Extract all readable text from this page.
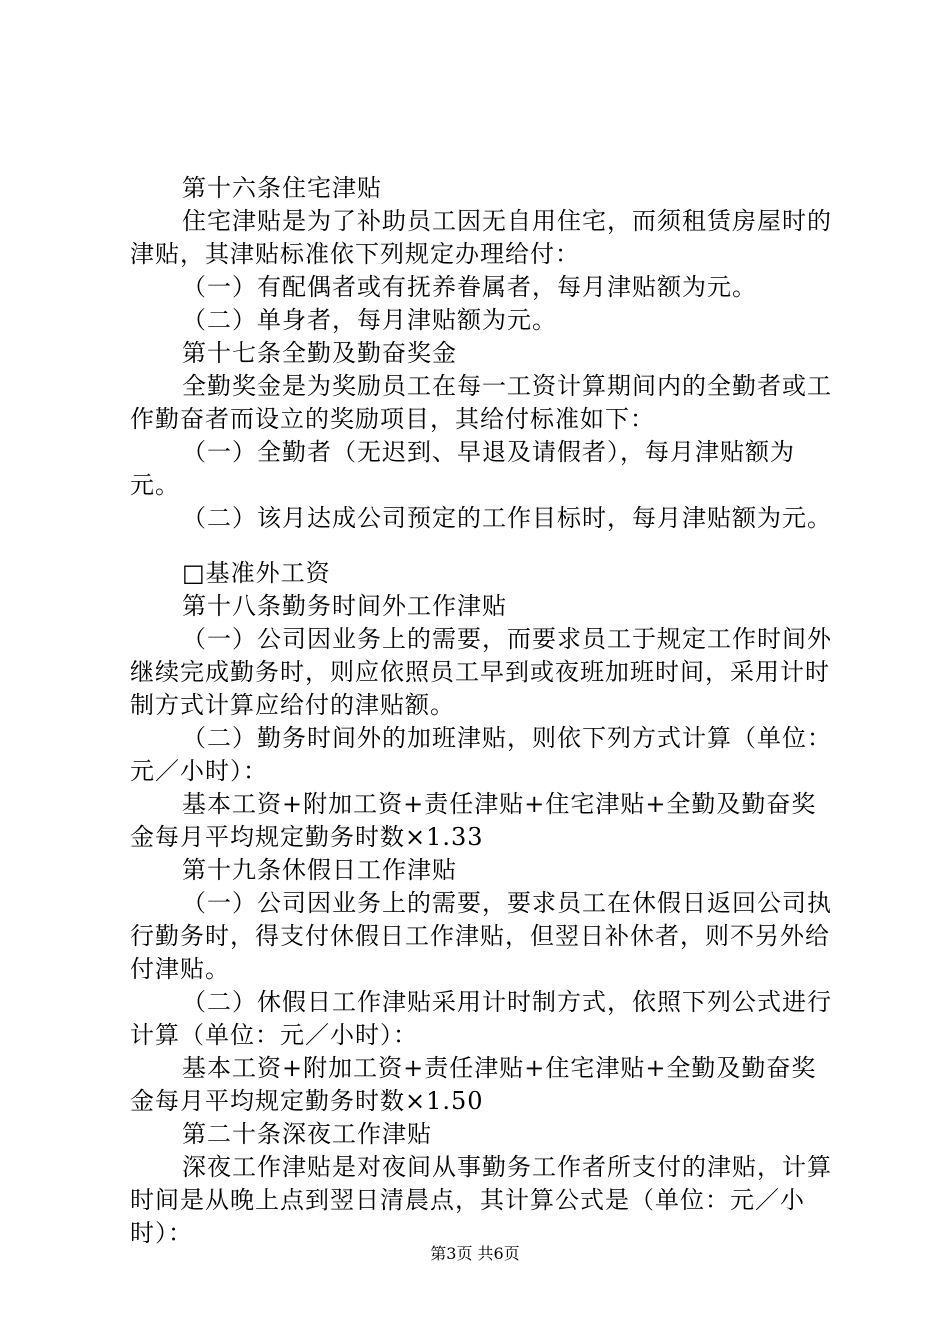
第十六条住宅津贴

住宅津贴是为了补助员工因无自用住宅，而须租赁房屋时的津贴，其津贴标准依下列规定办理给付：

（一）有配偶者或有抚养眷属者，每月津贴额为元。

（二）单身者，每月津贴额为元。

第十七条全勤及勤奋奖金

全勤奖金是为奖励员工在每一工资计算期间内的全勤者或工作勤奋者而设立的奖励项目，其给付标准如下：

（一）全勤者（无迟到、早退及请假者），每月津贴额为元。

（二）该月达成公司预定的工作目标时，每月津贴额为元。

□基准外工资

第十八条勤务时间外工作津贴

（一）公司因业务上的需要，而要求员工于规定工作时间外继续完成勤务时，则应依照员工早到或夜班加班时间，采用计时制方式计算应给付的津贴额。

（二）勤务时间外的加班津贴，则依下列方式计算（单位：元／小时）：

基本工资+附加工资+责任津贴+住宅津贴+全勤及勤奋奖金每月平均规定勤务时数×1.33

第十九条休假日工作津贴

（一）公司因业务上的需要，要求员工在休假日返回公司执行勤务时，得支付休假日工作津贴，但翌日补休者，则不另外给付津贴。

（二）休假日工作津贴采用计时制方式，依照下列公式进行计算（单位：元／小时）：

基本工资+附加工资+责任津贴+住宅津贴+全勤及勤奋奖金每月平均规定勤务时数×1.50

第二十条深夜工作津贴

深夜工作津贴是对夜间从事勤务工作者所支付的津贴，计算时间是从晚上点到翌日清晨点，其计算公式是（单位：元／小时）：

第3页 共6页
